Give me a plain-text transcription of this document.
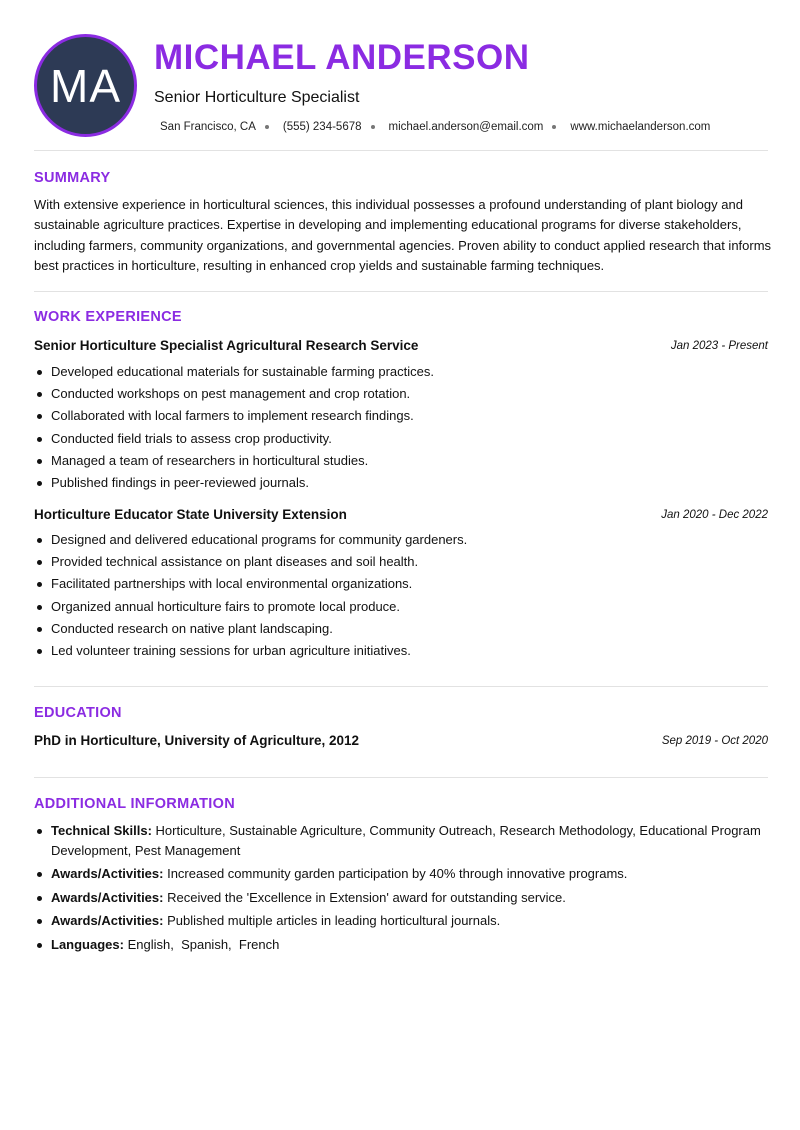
MA
MICHAEL ANDERSON
Senior Horticulture Specialist
San Francisco, CA (555) 234-5678 michael.anderson@email.com www.michaelanderson.com
SUMMARY
With extensive experience in horticultural sciences, this individual possesses a profound understanding of plant biology and sustainable agriculture practices. Expertise in developing and implementing educational programs for diverse stakeholders, including farmers, community organizations, and governmental agencies. Proven ability to conduct applied research that informs best practices in horticulture, resulting in enhanced crop yields and sustainable farming techniques.
WORK EXPERIENCE
Senior Horticulture Specialist Agricultural Research Service	Jan 2023 - Present
Developed educational materials for sustainable farming practices.
Conducted workshops on pest management and crop rotation.
Collaborated with local farmers to implement research findings.
Conducted field trials to assess crop productivity.
Managed a team of researchers in horticultural studies.
Published findings in peer-reviewed journals.
Horticulture Educator State University Extension	Jan 2020 - Dec 2022
Designed and delivered educational programs for community gardeners.
Provided technical assistance on plant diseases and soil health.
Facilitated partnerships with local environmental organizations.
Organized annual horticulture fairs to promote local produce.
Conducted research on native plant landscaping.
Led volunteer training sessions for urban agriculture initiatives.
EDUCATION
PhD in Horticulture, University of Agriculture, 2012	Sep 2019 - Oct 2020
ADDITIONAL INFORMATION
Technical Skills: Horticulture, Sustainable Agriculture, Community Outreach, Research Methodology, Educational Program Development, Pest Management
Awards/Activities: Increased community garden participation by 40% through innovative programs.
Awards/Activities: Received the 'Excellence in Extension' award for outstanding service.
Awards/Activities: Published multiple articles in leading horticultural journals.
Languages: English,  Spanish,  French
